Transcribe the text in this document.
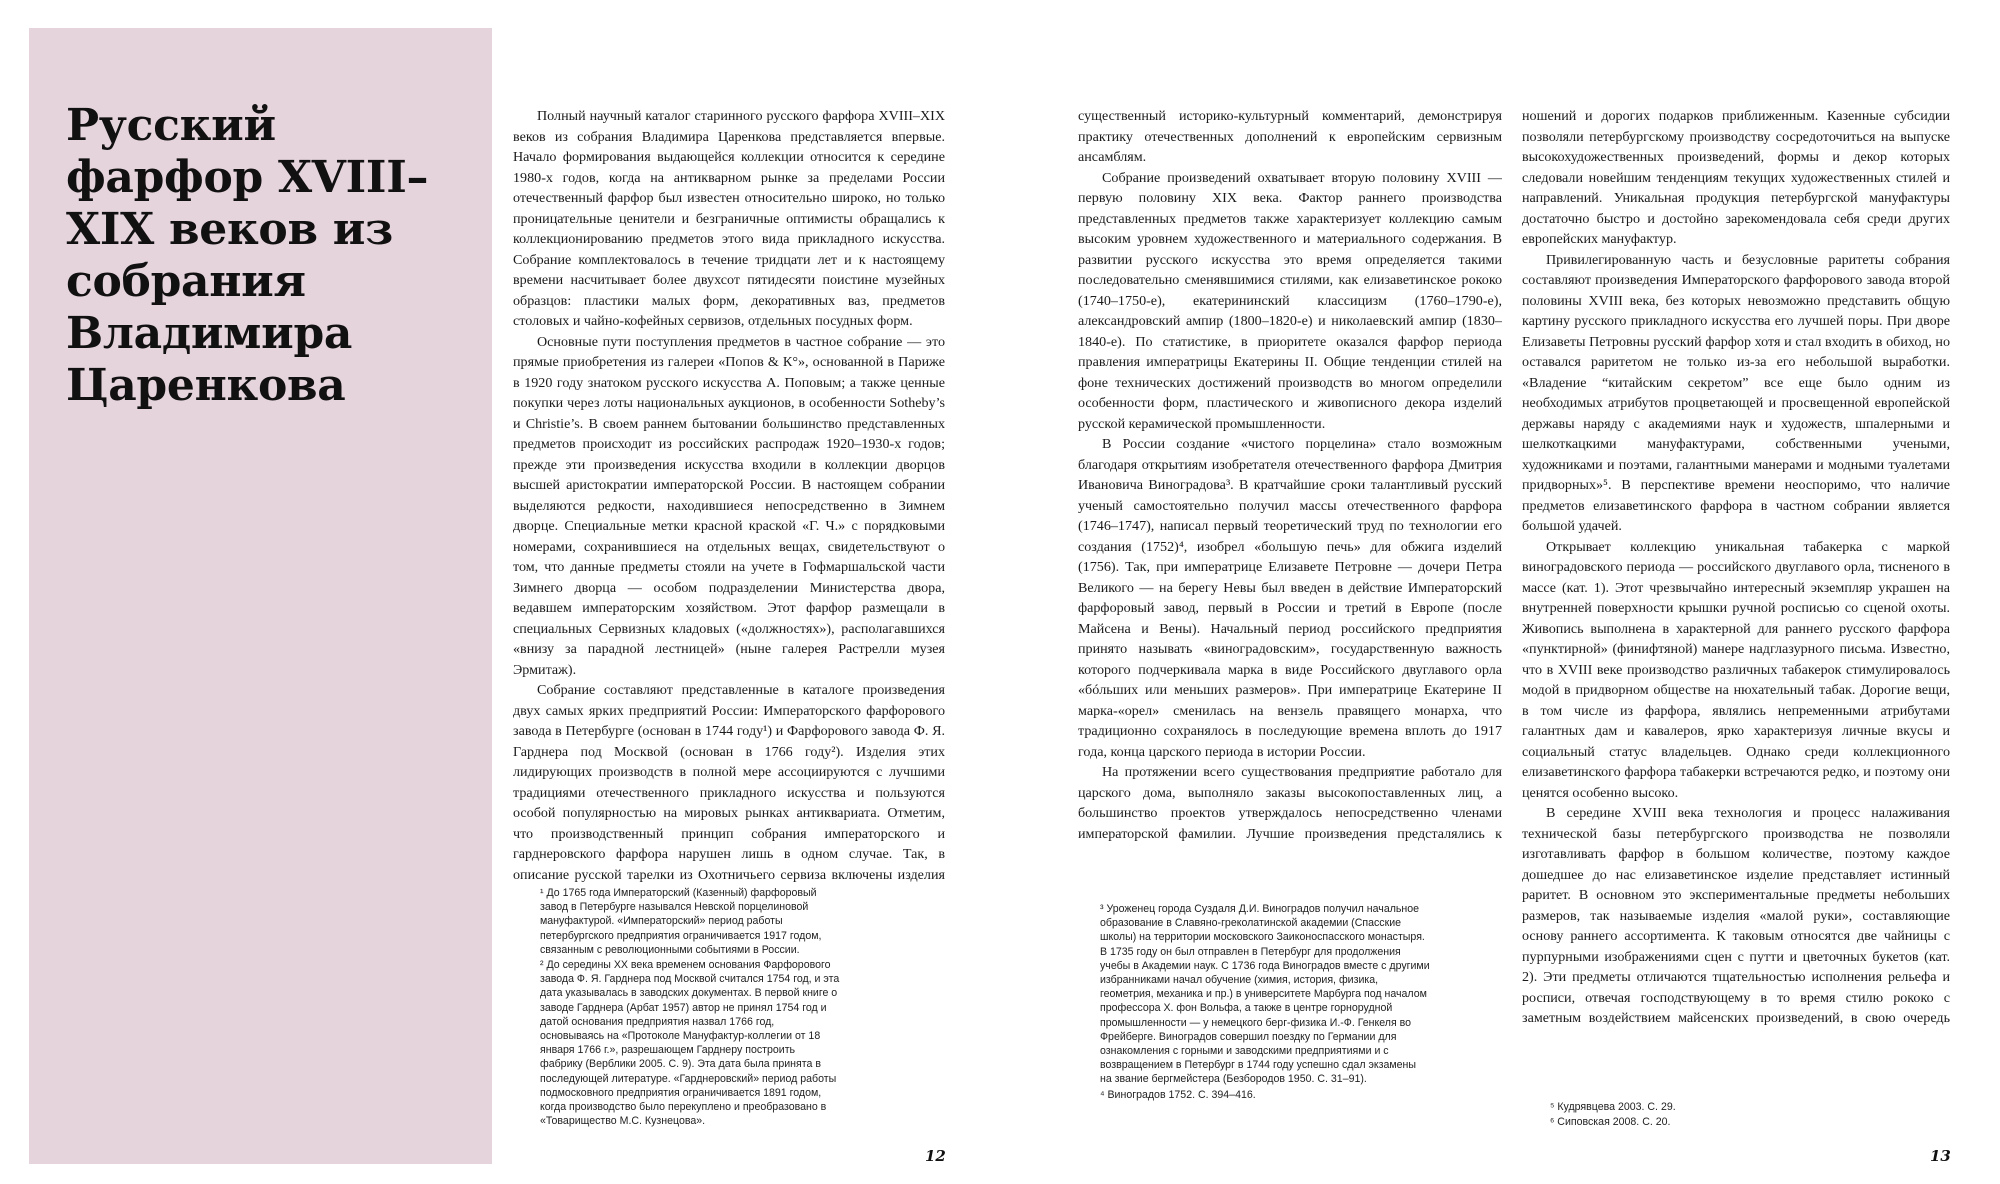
Русский фарфор XVIII–XIX веков из собрания Владимира Царенкова

Полный научный каталог старинного русского фарфора XVIII–XIX веков из собрания Владимира Царенкова представляется впервые. Начало формирования выдающейся коллекции относится к середине 1980-х годов, когда на антикварном рынке за пределами России отечественный фарфор был известен относительно широко, но только проницательные ценители и безграничные оптимисты обращались к коллекционированию предметов этого вида прикладного искусства. Собрание комплектовалось в течение тридцати лет и к настоящему времени насчитывает более двухсот пятидесяти поистине музейных образцов: пластики малых форм, декоративных ваз, предметов столовых и чайно-кофейных сервизов, отдельных посудных форм.

Основные пути поступления предметов в частное собрание — это прямые приобретения из галереи «Попов & К°», основанной в Париже в 1920 году знатоком русского искусства А. Поповым; а также ценные покупки через лоты национальных аукционов, в особенности Sotheby’s и Christie’s. В своем раннем бытовании большинство представленных предметов происходит из российских распродаж 1920–1930-х годов; прежде эти произведения искусства входили в коллекции дворцов высшей аристократии императорской России. В настоящем собрании выделяются редкости, находившиеся непосредственно в Зимнем дворце. Специальные метки красной краской «Г. Ч.» с порядковыми номерами, сохранившиеся на отдельных вещах, свидетельствуют о том, что данные предметы стояли на учете в Гофмаршальской части Зимнего дворца — особом подразделении Министерства двора, ведавшем императорским хозяйством. Этот фарфор размещали в специальных Сервизных кладовых («должностях»), располагавшихся «внизу за парадной лестницей» (ныне галерея Растрелли музея Эрмитаж).

Собрание составляют представленные в каталоге произведения двух самых ярких предприятий России: Императорского фарфорового завода в Петербурге (основан в 1744 году¹) и Фарфорового завода Ф. Я. Гарднера под Москвой (основан в 1766 году²). Изделия этих лидирующих производств в полной мере ассоциируются с лучшими традициями отечественного прикладного искусства и пользуются особой популярностью на мировых рынках антиквариата. Отметим, что производственный принцип собрания императорского и гарднеровского фарфора нарушен лишь в одном случае. Так, в описание русской тарелки из Охотничьего сервиза включены изделия

¹ До 1765 года Императорский (Казенный) фарфоровый завод в Петербурге назывался Невской порцелиновой мануфактурой. «Императорский» период работы петербургского предприятия ограничивается 1917 годом, связанным с революционными событиями в России.

² До середины XX века временем основания Фарфорового завода Ф. Я. Гарднера под Москвой считался 1754 год, и эта дата указывалась в заводских документах. В первой книге о заводе Гарднера (Арбат 1957) автор не принял 1754 год и датой основания предприятия назвал 1766 год, основываясь на «Протоколе Мануфактур-коллегии от 18 января 1766 г.», разрешающем Гарднеру построить фабрику (Верблики 2005. С. 9). Эта дата была принята в последующей литературе. «Гарднеровский» период работы подмосковного предприятия ограничивается 1891 годом, когда производство было перекуплено и преобразовано в «Товарищество М.С. Кузнецова».

существенный историко-культурный комментарий, демонстрируя практику отечественных дополнений к европейским сервизным ансамблям.

Собрание произведений охватывает вторую половину XVIII — первую половину XIX века. Фактор раннего производства представленных предметов также характеризует коллекцию самым высоким уровнем художественного и материального содержания. В развитии русского искусства это время определяется такими последовательно сменявшимися стилями, как елизаветинское рококо (1740–1750-е), екатерининский классицизм (1760–1790-е), александровский ампир (1800–1820-е) и николаевский ампир (1830–1840-е). По статистике, в приоритете оказался фарфор периода правления императрицы Екатерины II. Общие тенденции стилей на фоне технических достижений производств во многом определили особенности форм, пластического и живописного декора изделий русской керамической промышленности.

В России создание «чистого порцелина» стало возможным благодаря открытиям изобретателя отечественного фарфора Дмитрия Ивановича Виноградова³. В кратчайшие сроки талантливый русский ученый самостоятельно получил массы отечественного фарфора (1746–1747), написал первый теоретический труд по технологии его создания (1752)⁴, изобрел «большую печь» для обжига изделий (1756). Так, при императрице Елизавете Петровне — дочери Петра Великого — на берегу Невы был введен в действие Императорский фарфоровый завод, первый в России и третий в Европе (после Майсена и Вены). Начальный период российского предприятия принято называть «виноградовским», государственную важность которого подчеркивала марка в виде Российского двуглавого орла «бóльших или меньших размеров». При императрице Екатерине II марка-«орел» сменилась на вензель правящего монарха, что традиционно сохранялось в последующие времена вплоть до 1917 года, конца царского периода в истории России.

На протяжении всего существования предприятие работало для царского дома, выполняло заказы высокопоставленных лиц, а большинство проектов утверждалось непосредственно членами императорской фамилии. Лучшие произведения предсталялись к

³ Уроженец города Суздаля Д.И. Виноградов получил начальное образование в Славяно-греколатинской академии (Спасские школы) на территории московского Заиконоспасского монастыря. В 1735 году он был отправлен в Петербург для продолжения учебы в Академии наук. С 1736 года Виноградов вместе с другими избранниками начал обучение (химия, история, физика, геометрия, механика и пр.) в университете Марбурга под началом профессора Х. фон Вольфа, а также в центре горнорудной промышленности — у немецкого берг-физика И.-Ф. Генкеля во Фрейберге. Виноградов совершил поездку по Германии для ознакомления с горными и заводскими предприятиями и с возвращением в Петербург в 1744 году успешно сдал экзамены на звание бергмейстера (Безбородов 1950. С. 31–91).

⁴ Виноградов 1752. С. 394–416.

ношений и дорогих подарков приближенным. Казенные субсидии позволяли петербургскому производству сосредоточиться на выпуске высокохудожественных произведений, формы и декор которых следовали новейшим тенденциям текущих художественных стилей и направлений. Уникальная продукция петербургской мануфактуры достаточно быстро и достойно зарекомендовала себя среди других европейских мануфактур.

Привилегированную часть и безусловные раритеты собрания составляют произведения Императорского фарфорового завода второй половины XVIII века, без которых невозможно представить общую картину русского прикладного искусства его лучшей поры. При дворе Елизаветы Петровны русский фарфор хотя и стал входить в обиход, но оставался раритетом не только из-за его небольшой выработки. «Владение “китайским секретом” все еще было одним из необходимых атрибутов процветающей и просвещенной европейской державы наряду с академиями наук и художеств, шпалерными и шелкоткацкими мануфактурами, собственными учеными, художниками и поэтами, галантными манерами и модными туалетами придворных»⁵. В перспективе времени неоспоримо, что наличие предметов елизаветинского фарфора в частном собрании является большой удачей.

Открывает коллекцию уникальная табакерка с маркой виноградовского периода — российского двуглавого орла, тисненого в массе (кат. 1). Этот чрезвычайно интересный экземпляр украшен на внутренней поверхности крышки ручной росписью со сценой охоты. Живопись выполнена в характерной для раннего русского фарфора «пунктирной» (финифтяной) манере надглазурного письма. Известно, что в XVIII веке производство различных табакерок стимулировалось модой в придворном обществе на нюхательный табак. Дорогие вещи, в том числе из фарфора, являлись непременными атрибутами галантных дам и кавалеров, ярко характеризуя личные вкусы и социальный статус владельцев. Однако среди коллекционного елизаветинского фарфора табакерки встречаются редко, и поэтому они ценятся особенно высоко.

В середине XVIII века технология и процесс налаживания технической базы петербургского производства не позволяли изготавливать фарфор в большом количестве, поэтому каждое дошедшее до нас елизаветинское изделие представляет истинный раритет. В основном это экспериментальные предметы небольших размеров, так называемые изделия «малой руки», составляющие основу раннего ассортимента. К таковым относятся две чайницы с пурпурными изображениями сцен с путти и цветочных букетов (кат. 2). Эти предметы отличаются тщательностью исполнения рельефа и росписи, отвечая господствующему в то время стилю рококо с заметным воздействием майсенских произведений, в свою очередь

⁵ Кудрявцева 2003. С. 29.

⁶ Сиповская 2008. С. 20.

12	13
